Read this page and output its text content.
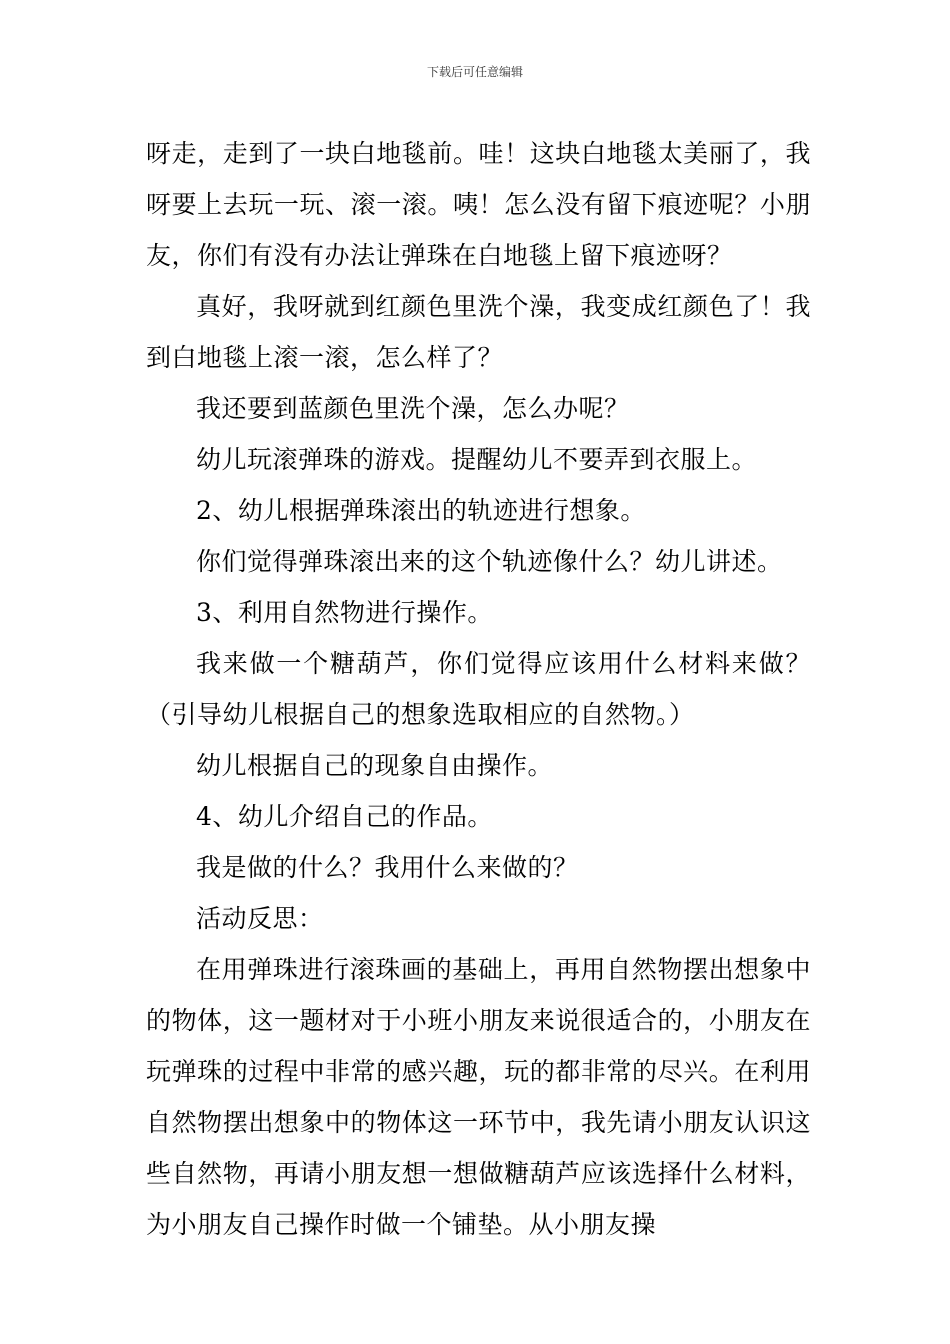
下载后可任意编辑

呀走，走到了一块白地毯前。哇！这块白地毯太美丽了，我呀要上去玩一玩、滚一滚。咦！怎么没有留下痕迹呢？小朋友，你们有没有办法让弹珠在白地毯上留下痕迹呀？

真好，我呀就到红颜色里洗个澡，我变成红颜色了！我到白地毯上滚一滚，怎么样了？

我还要到蓝颜色里洗个澡，怎么办呢？

幼儿玩滚弹珠的游戏。提醒幼儿不要弄到衣服上。

2、幼儿根据弹珠滚出的轨迹进行想象。

你们觉得弹珠滚出来的这个轨迹像什么？幼儿讲述。

3、利用自然物进行操作。

我来做一个糖葫芦，你们觉得应该用什么材料来做？（引导幼儿根据自己的想象选取相应的自然物。）

幼儿根据自己的现象自由操作。

4、幼儿介绍自己的作品。

我是做的什么？我用什么来做的？

活动反思：

在用弹珠进行滚珠画的基础上，再用自然物摆出想象中的物体，这一题材对于小班小朋友来说很适合的，小朋友在玩弹珠的过程中非常的感兴趣，玩的都非常的尽兴。在利用自然物摆出想象中的物体这一环节中，我先请小朋友认识这些自然物，再请小朋友想一想做糖葫芦应该选择什么材料，为小朋友自己操作时做一个铺垫。从小朋友操
